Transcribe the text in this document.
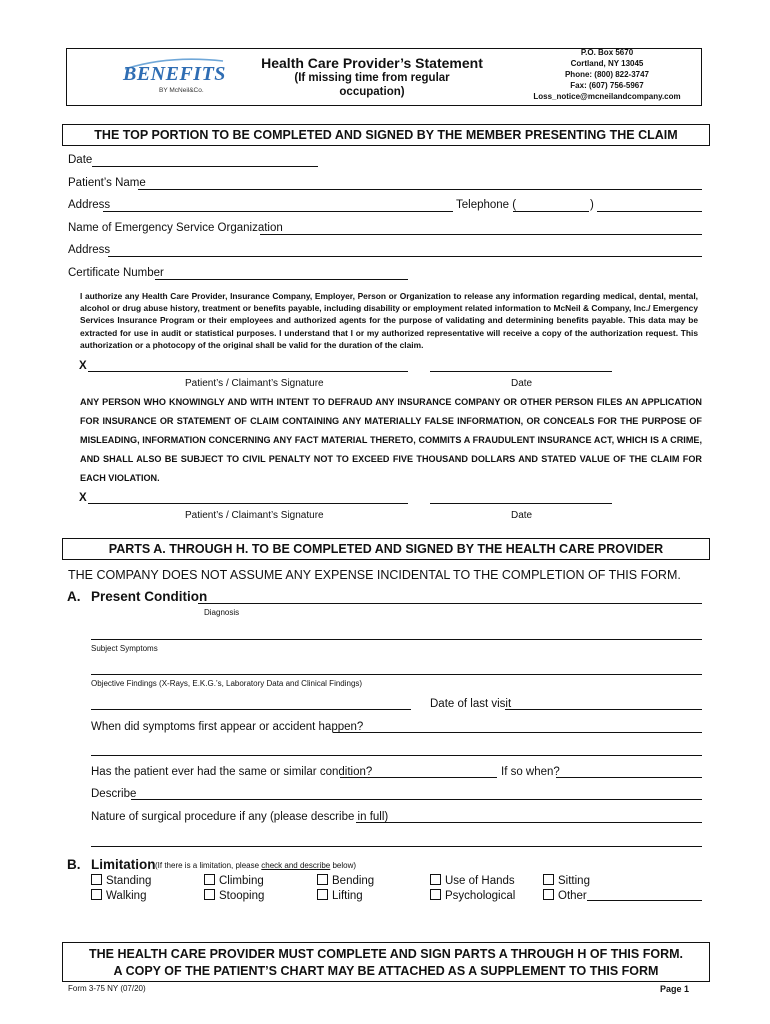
BENEFITS
BY McNeil&Co.
Health Care Provider’s Statement
(If missing time from regular
occupation)
P.O. Box 5670
Cortland, NY 13045
Phone: (800) 822-3747
Fax: (607) 756-5967
Loss_notice@mcneilandcompany.com
THE TOP PORTION TO BE COMPLETED AND SIGNED BY THE MEMBER PRESENTING THE CLAIM
Date
Patient’s Name
Address	Telephone (	)
Name of Emergency Service Organization
Address
Certificate Number
I authorize any Health Care Provider, Insurance Company, Employer, Person or Organization to release any information regarding medical, dental, mental, alcohol or drug abuse history, treatment or benefits payable, including disability or employment related information to McNeil & Company, Inc./ Emergency Services Insurance Program or their employees and authorized agents for the purpose of validating and determining benefits payable. This data may be extracted for use in audit or statistical purposes. I understand that I or my authorized representative will receive a copy of the authorization request. This authorization or a photocopy of the original shall be valid for the duration of the claim.
X
Patient’s / Claimant’s Signature	Date
ANY PERSON WHO KNOWINGLY AND WITH INTENT TO DEFRAUD ANY INSURANCE COMPANY OR OTHER PERSON FILES AN APPLICATION FOR INSURANCE OR STATEMENT OF CLAIM CONTAINING ANY MATERIALLY FALSE INFORMATION, OR CONCEALS FOR THE PURPOSE OF MISLEADING, INFORMATION CONCERNING ANY FACT MATERIAL THERETO, COMMITS A FRAUDULENT INSURANCE ACT, WHICH IS A CRIME, AND SHALL ALSO BE SUBJECT TO CIVIL PENALTY NOT TO EXCEED FIVE THOUSAND DOLLARS AND STATED VALUE OF THE CLAIM FOR EACH VIOLATION.
X
Patient’s / Claimant’s Signature	Date
PARTS A. THROUGH H. TO BE COMPLETED AND SIGNED BY THE HEALTH CARE PROVIDER
THE COMPANY DOES NOT ASSUME ANY EXPENSE INCIDENTAL TO THE COMPLETION OF THIS FORM.
A. Present Condition
Diagnosis
Subject Symptoms
Objective Findings (X-Rays, E.K.G.’s, Laboratory Data and Clinical Findings)
Date of last visit
When did symptoms first appear or accident happen?
Has the patient ever had the same or similar condition?	If so when?
Describe
Nature of surgical procedure if any (please describe in full)
B. Limitation (If there is a limitation, please check and describe below)
Standing	Climbing	Bending	Use of Hands	Sitting
Walking	Stooping	Lifting	Psychological	Other
THE HEALTH CARE PROVIDER MUST COMPLETE AND SIGN PARTS A THROUGH H OF THIS FORM.
A COPY OF THE PATIENT’S CHART MAY BE ATTACHED AS A SUPPLEMENT TO THIS FORM
Form 3-75 NY (07/20)	Page 1
